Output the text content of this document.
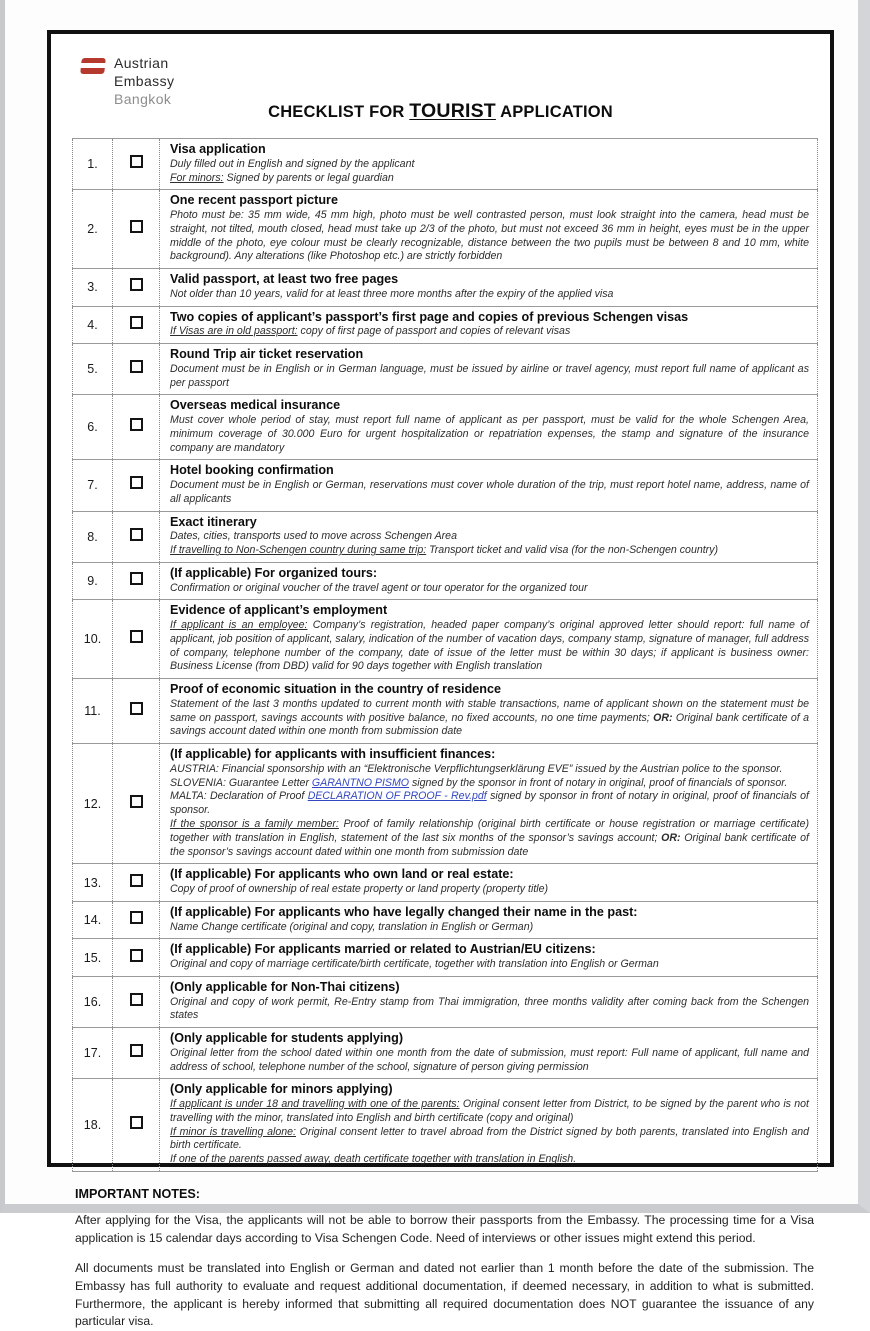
Austrian
Embassy
Bangkok
CHECKLIST FOR TOURIST APPLICATION
1.		Visa application
Duly filled out in English and signed by the applicant
For minors: Signed by parents or legal guardian

2.		One recent passport picture
Photo must be: 35 mm wide, 45 mm high, photo must be well contrasted person, must look straight into the camera, head must be straight, not tilted, mouth closed, head must take up 2/3 of the photo, but must not exceed 36 mm in height, eyes must be in the upper middle of the photo, eye colour must be clearly recognizable, distance between the two pupils must be between 8 and 10 mm, white background). Any alterations (like Photoshop etc.) are strictly forbidden

3.		Valid passport, at least two free pages
Not older than 10 years, valid for at least three more months after the expiry of the applied visa

4.		Two copies of applicant’s passport’s first page and copies of previous Schengen visas
If Visas are in old passport: copy of first page of passport and copies of relevant visas

5.		Round Trip air ticket reservation
Document must be in English or in German language, must be issued by airline or travel agency, must report full name of applicant as per passport

6.		Overseas medical insurance
Must cover whole period of stay, must report full name of applicant as per passport, must be valid for the whole Schengen Area, minimum coverage of 30.000 Euro for urgent hospitalization or repatriation expenses, the stamp and signature of the insurance company are mandatory

7.		Hotel booking confirmation
Document must be in English or German, reservations must cover whole duration of the trip, must report hotel name, address, name of all applicants

8.		Exact itinerary
Dates, cities, transports used to move across Schengen Area
If travelling to Non-Schengen country during same trip: Transport ticket and valid visa (for the non-Schengen country)

9.		(If applicable) For organized tours:
Confirmation or original voucher of the travel agent or tour operator for the organized tour

10.		Evidence of applicant’s employment
If applicant is an employee: Company’s registration, headed paper company’s original approved letter should report: full name of applicant, job position of applicant, salary, indication of the number of vacation days, company stamp, signature of manager, full address of company, telephone number of the company, date of issue of the letter must be within 30 days; if applicant is business owner: Business License (from DBD) valid for 90 days together with English translation

11.		Proof of economic situation in the country of residence
Statement of the last 3 months updated to current month with stable transactions, name of applicant shown on the statement must be same on passport, savings accounts with positive balance, no fixed accounts, no one time payments; OR: Original bank certificate of a savings account dated within one month from submission date

12.		(If applicable) for applicants with insufficient finances:
AUSTRIA: Financial sponsorship with an “Elektronische Verpflichtungserklärung EVE” issued by the Austrian police to the sponsor.
SLOVENIA: Guarantee Letter GARANTNO PISMO signed by the sponsor in front of notary in original, proof of financials of sponsor.
MALTA: Declaration of Proof DECLARATION OF PROOF - Rev.pdf signed by sponsor in front of notary in original, proof of financials of sponsor.
If the sponsor is a family member: Proof of family relationship (original birth certificate or house registration or marriage certificate) together with translation in English, statement of the last six months of the sponsor’s savings account; OR: Original bank certificate of the sponsor’s savings account dated within one month from submission date

13.		(If applicable) For applicants who own land or real estate:
Copy of proof of ownership of real estate property or land property (property title)

14.		(If applicable) For applicants who have legally changed their name in the past:
Name Change certificate (original and copy, translation in English or German)

15.		(If applicable) For applicants married or related to Austrian/EU citizens:
Original and copy of marriage certificate/birth certificate, together with translation into English or German

16.		(Only applicable for Non-Thai citizens)
Original and copy of work permit, Re-Entry stamp from Thai immigration, three months validity after coming back from the Schengen states

17.		(Only applicable for students applying)
Original letter from the school dated within one month from the date of submission, must report: Full name of applicant, full name and address of school, telephone number of the school, signature of person giving permission

18.		(Only applicable for minors applying)
If applicant is under 18 and travelling with one of the parents: Original consent letter from District, to be signed by the parent who is not travelling with the minor, translated into English and birth certificate (copy and original)
If minor is travelling alone: Original consent letter to travel abroad from the District signed by both parents, translated into English and birth certificate.
If one of the parents passed away, death certificate together with translation in English.
IMPORTANT NOTES:

After applying for the Visa, the applicants will not be able to borrow their passports from the Embassy. The processing time for a Visa application is 15 calendar days according to Visa Schengen Code. Need of interviews or other issues might extend this period.

All documents must be translated into English or German and dated not earlier than 1 month before the date of the submission. The Embassy has full authority to evaluate and request additional documentation, if deemed necessary, in addition to what is submitted. Furthermore, the applicant is hereby informed that submitting all required documentation does NOT guarantee the issuance of any particular visa.
